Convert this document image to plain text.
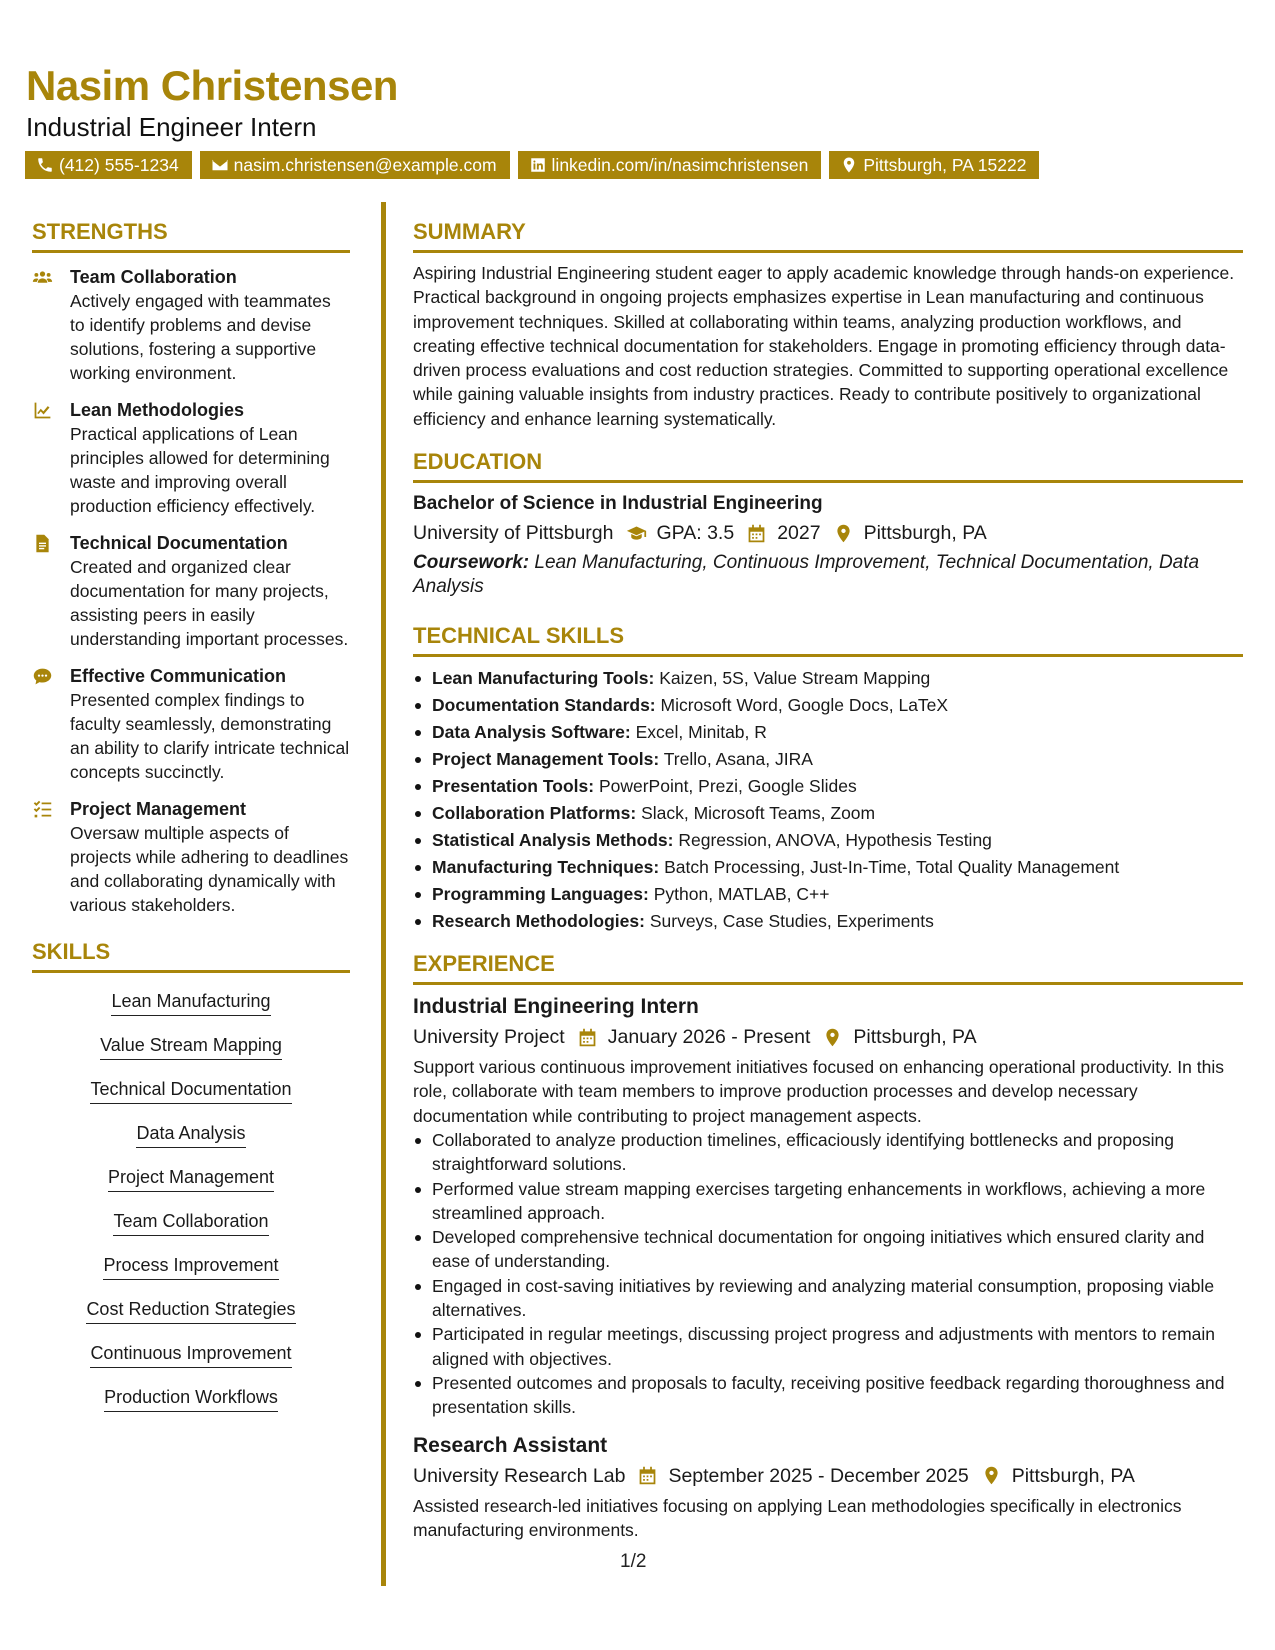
Nasim Christensen
Industrial Engineer Intern
(412) 555-1234	nasim.christensen@example.com	linkedin.com/in/nasimchristensen	Pittsburgh, PA 15222
STRENGTHS
Team Collaboration
Actively engaged with teammates to identify problems and devise solutions, fostering a supportive working environment.
Lean Methodologies
Practical applications of Lean principles allowed for determining waste and improving overall production efficiency effectively.
Technical Documentation
Created and organized clear documentation for many projects, assisting peers in easily understanding important processes.
Effective Communication
Presented complex findings to faculty seamlessly, demonstrating an ability to clarify intricate technical concepts succinctly.
Project Management
Oversaw multiple aspects of projects while adhering to deadlines and collaborating dynamically with various stakeholders.
SKILLS
Lean Manufacturing
Value Stream Mapping
Technical Documentation
Data Analysis
Project Management
Team Collaboration
Process Improvement
Cost Reduction Strategies
Continuous Improvement
Production Workflows
SUMMARY
Aspiring Industrial Engineering student eager to apply academic knowledge through hands-on experience. Practical background in ongoing projects emphasizes expertise in Lean manufacturing and continuous improvement techniques. Skilled at collaborating within teams, analyzing production workflows, and creating effective technical documentation for stakeholders. Engage in promoting efficiency through data-driven process evaluations and cost reduction strategies. Committed to supporting operational excellence while gaining valuable insights from industry practices. Ready to contribute positively to organizational efficiency and enhance learning systematically.
EDUCATION
Bachelor of Science in Industrial Engineering
University of Pittsburgh GPA: 3.5 2027 Pittsburgh, PA
Coursework: Lean Manufacturing, Continuous Improvement, Technical Documentation, Data Analysis
TECHNICAL SKILLS
Lean Manufacturing Tools: Kaizen, 5S, Value Stream Mapping
Documentation Standards: Microsoft Word, Google Docs, LaTeX
Data Analysis Software: Excel, Minitab, R
Project Management Tools: Trello, Asana, JIRA
Presentation Tools: PowerPoint, Prezi, Google Slides
Collaboration Platforms: Slack, Microsoft Teams, Zoom
Statistical Analysis Methods: Regression, ANOVA, Hypothesis Testing
Manufacturing Techniques: Batch Processing, Just-In-Time, Total Quality Management
Programming Languages: Python, MATLAB, C++
Research Methodologies: Surveys, Case Studies, Experiments
EXPERIENCE
Industrial Engineering Intern
University Project January 2026 - Present Pittsburgh, PA
Support various continuous improvement initiatives focused on enhancing operational productivity. In this role, collaborate with team members to improve production processes and develop necessary documentation while contributing to project management aspects.
Collaborated to analyze production timelines, efficaciously identifying bottlenecks and proposing straightforward solutions.
Performed value stream mapping exercises targeting enhancements in workflows, achieving a more streamlined approach.
Developed comprehensive technical documentation for ongoing initiatives which ensured clarity and ease of understanding.
Engaged in cost-saving initiatives by reviewing and analyzing material consumption, proposing viable alternatives.
Participated in regular meetings, discussing project progress and adjustments with mentors to remain aligned with objectives.
Presented outcomes and proposals to faculty, receiving positive feedback regarding thoroughness and presentation skills.
Research Assistant
University Research Lab September 2025 - December 2025 Pittsburgh, PA
Assisted research-led initiatives focusing on applying Lean methodologies specifically in electronics manufacturing environments.
1/2
